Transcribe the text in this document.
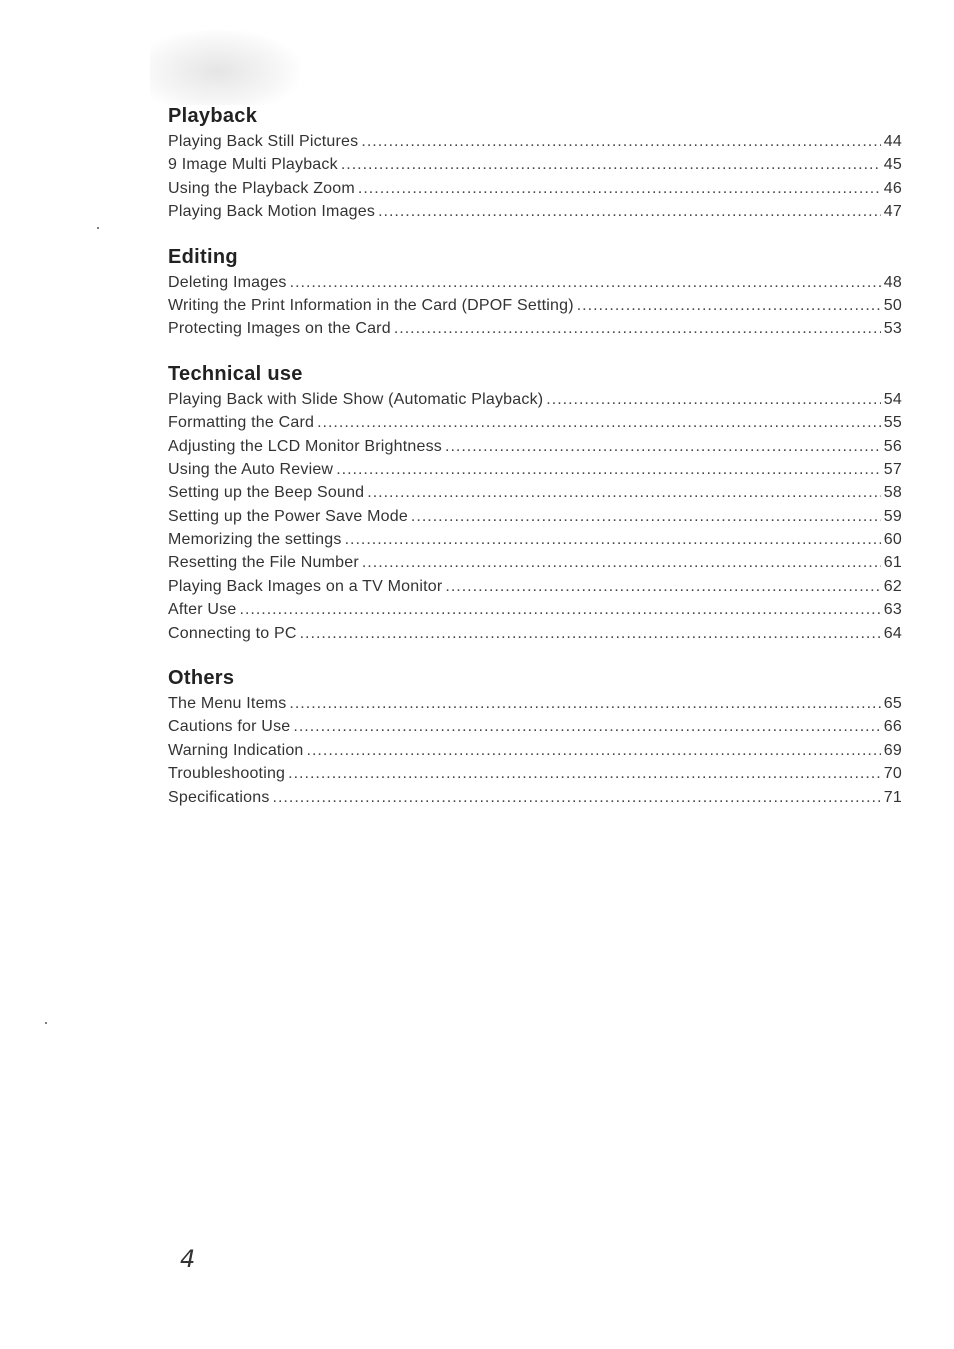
Playback
Playing Back Still Pictures .....	44
9 Image Multi Playback .....	45
Using the Playback Zoom .....	46
Playing Back Motion Images .....	47
Editing
Deleting Images .....	48
Writing the Print Information in the Card (DPOF Setting) .....	50
Protecting Images on the Card .....	53
Technical use
Playing Back with Slide Show (Automatic Playback) .....	54
Formatting the Card .....	55
Adjusting the LCD Monitor Brightness .....	56
Using the Auto Review .....	57
Setting up the Beep Sound .....	58
Setting up the Power Save Mode .....	59
Memorizing the settings .....	60
Resetting the File Number .....	61
Playing Back Images on a TV Monitor .....	62
After Use .....	63
Connecting to PC .....	64
Others
The Menu Items .....	65
Cautions for Use .....	66
Warning Indication .....	69
Troubleshooting .....	70
Specifications .....	71
4
